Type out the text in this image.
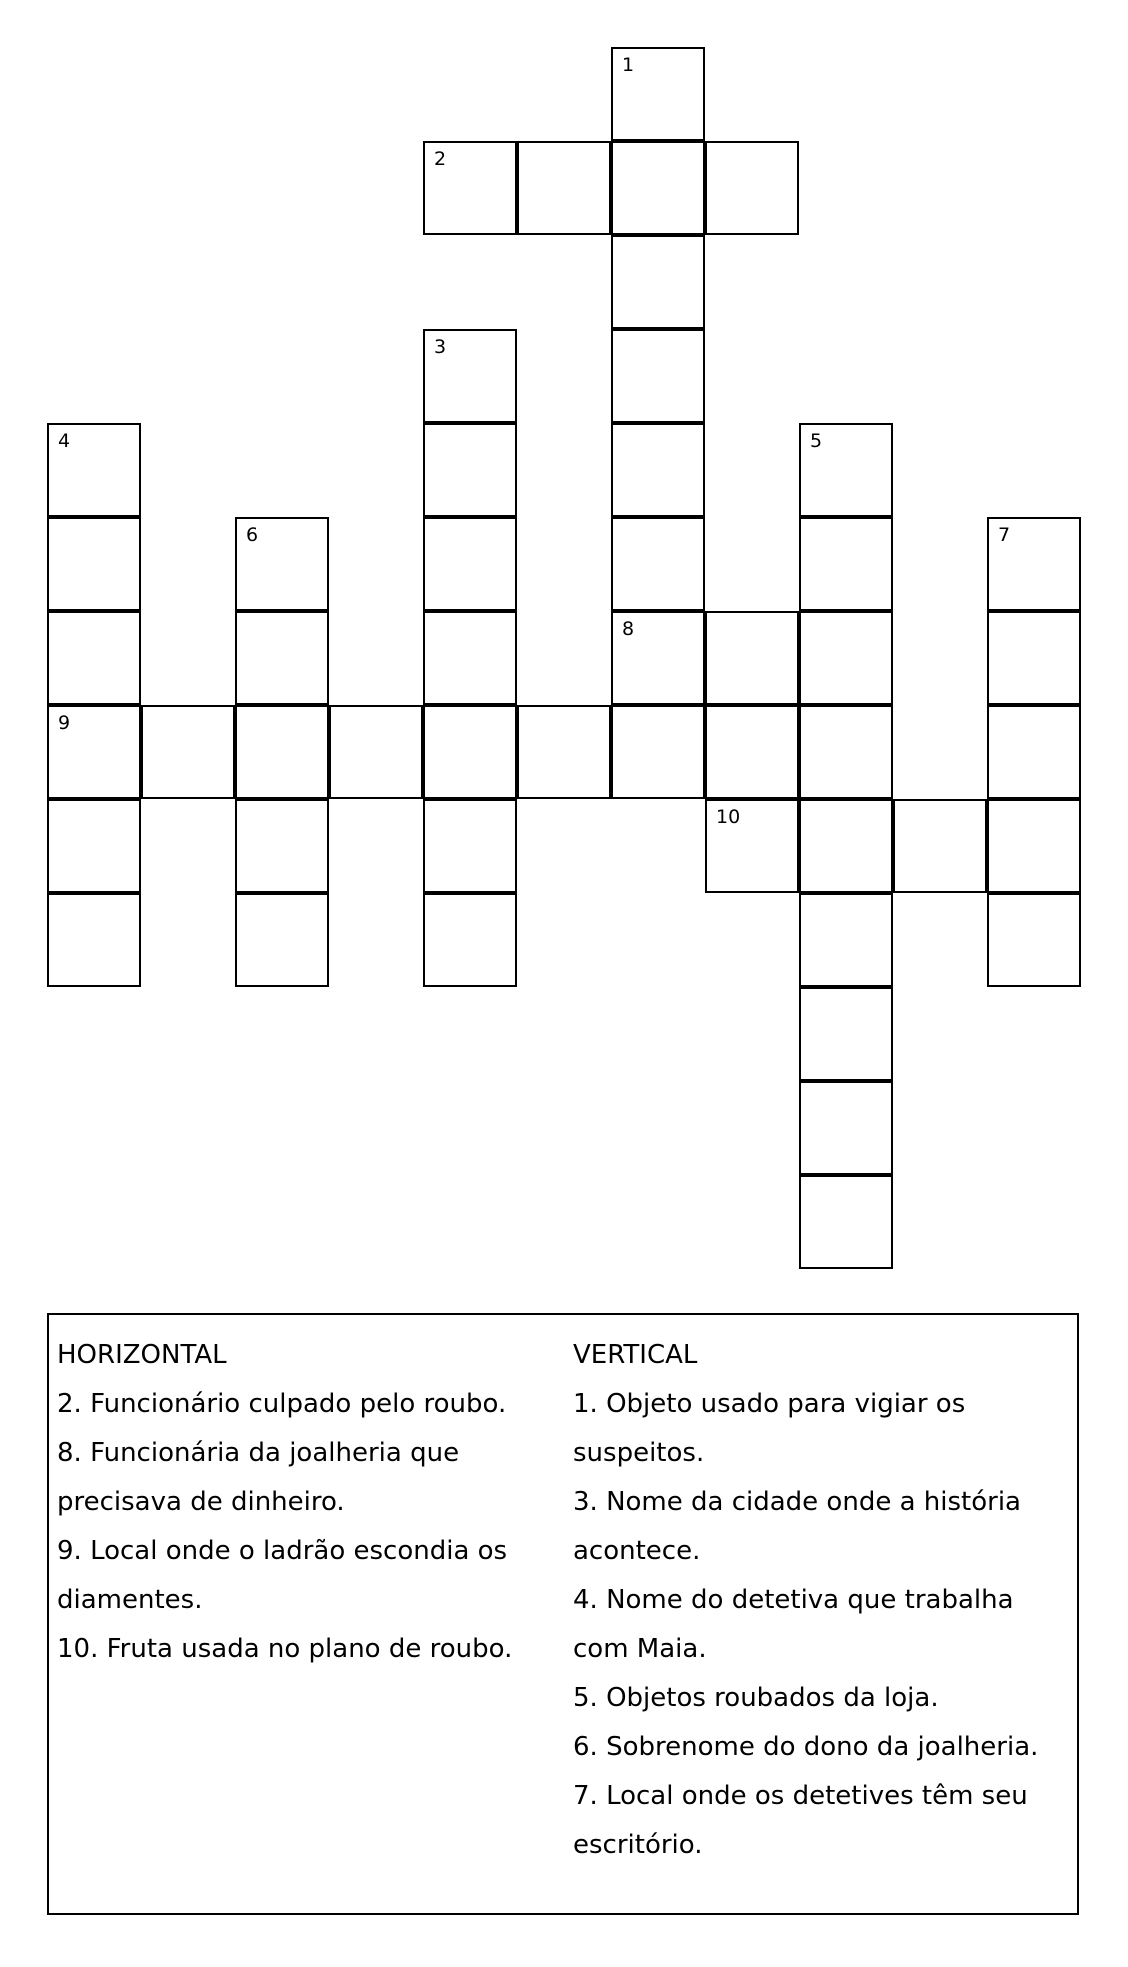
1
2
3
4
9
5
6	7
8
10
HORIZONTAL
2. Funcionário culpado pelo roubo.
8. Funcionária da joalheria que
precisava de dinheiro.
9. Local onde o ladrão escondia os
diamentes.
10. Fruta usada no plano de roubo.
VERTICAL
1. Objeto usado para vigiar os
suspeitos.
3. Nome da cidade onde a história
acontece.
4. Nome do detetiva que trabalha
com Maia.
5. Objetos roubados da loja.
6. Sobrenome do dono da joalheria.
7. Local onde os detetives têm seu
escritório.
